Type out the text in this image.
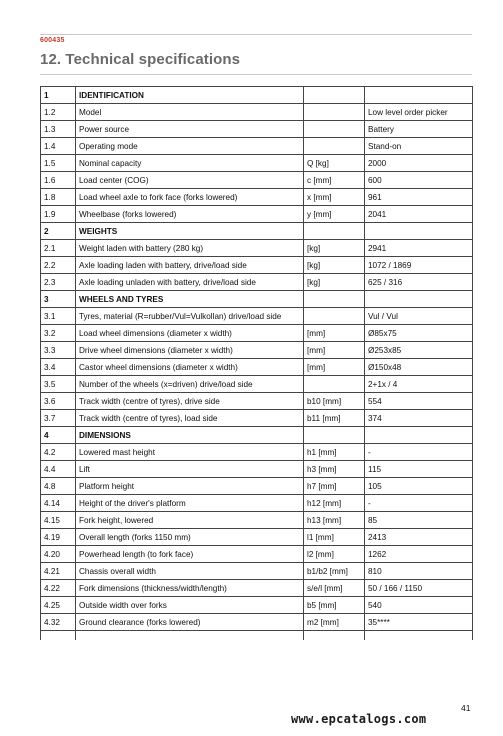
600435
12. Technical specifications
1	IDENTIFICATION		
1.2	Model		Low level order picker
1.3	Power source		Battery
1.4	Operating mode		Stand-on
1.5	Nominal capacity	Q [kg]	2000
1.6	Load center (COG)	c [mm]	600
1.8	Load wheel axle to fork face (forks lowered)	x [mm]	961
1.9	Wheelbase (forks lowered)	y [mm]	2041
2	WEIGHTS		
2.1	Weight laden with battery (280 kg)	[kg]	2941
2.2	Axle loading laden with battery, drive/load side	[kg]	1072 / 1869
2.3	Axle loading unladen with battery, drive/load side	[kg]	625 / 316
3	WHEELS AND TYRES		
3.1	Tyres, material (R=rubber/Vul=Vulkollan) drive/load side		Vul / Vul
3.2	Load wheel dimensions (diameter x width)	[mm]	Ø85x75
3.3	Drive wheel dimensions (diameter x width)	[mm]	Ø253x85
3.4	Castor wheel dimensions (diameter x width)	[mm]	Ø150x48
3.5	Number of the wheels (x=driven) drive/load side		2+1x / 4
3.6	Track width (centre of tyres), drive side	b10 [mm]	554
3.7	Track width (centre of tyres), load side	b11 [mm]	374
4	DIMENSIONS		
4.2	Lowered mast height	h1 [mm]	-
4.4	Lift	h3 [mm]	115
4.8	Platform height	h7 [mm]	105
4.14	Height of the driver's platform	h12 [mm]	-
4.15	Fork height, lowered	h13 [mm]	85
4.19	Overall length (forks 1150 mm)	l1 [mm]	2413
4.20	Powerhead length (to fork face)	l2 [mm]	1262
4.21	Chassis overall width	b1/b2 [mm]	810
4.22	Fork dimensions (thickness/width/length)	s/e/l [mm]	50 / 166 / 1150
4.25	Outside width over forks	b5 [mm]	540
4.32	Ground clearance (forks lowered)	m2 [mm]	35****

41
www.epcatalogs.com
